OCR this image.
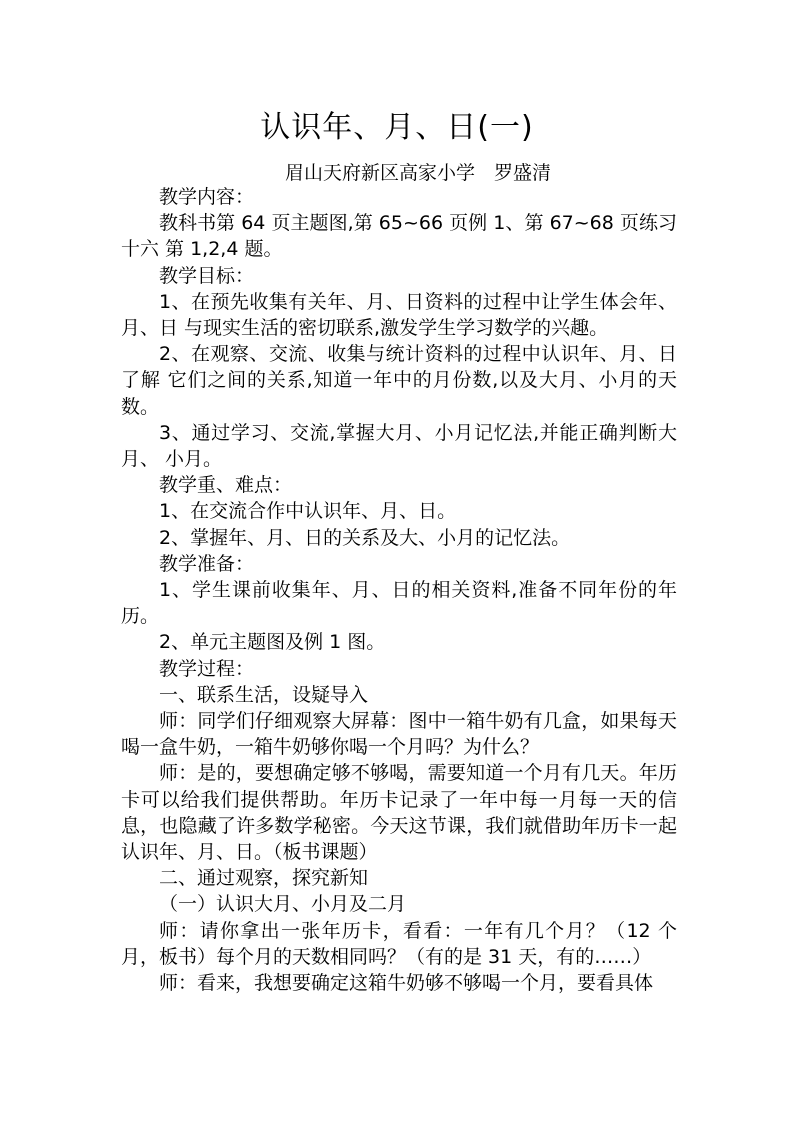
认识年、月、日(一)
眉山天府新区高家小学　罗盛清

教学内容：

教科书第 64 页主题图,第 65~66 页例 1、第 67~68 页练习十六 第 1,2,4 题。

教学目标：

1、在预先收集有关年、月、日资料的过程中让学生体会年、月、日 与现实生活的密切联系,激发学生学习数学的兴趣。

2、在观察、交流、收集与统计资料的过程中认识年、月、日了解 它们之间的关系,知道一年中的月份数,以及大月、小月的天数。

3、通过学习、交流,掌握大月、小月记忆法,并能正确判断大月、 小月。

教学重、难点：

1、在交流合作中认识年、月、日。

2、掌握年、月、日的关系及大、小月的记忆法。

教学准备：

1、学生课前收集年、月、日的相关资料,准备不同年份的年历。

2、单元主题图及例 1 图。

教学过程：

一、联系生活，设疑导入

师：同学们仔细观察大屏幕：图中一箱牛奶有几盒，如果每天喝一盒牛奶，一箱牛奶够你喝一个月吗？为什么？

师：是的，要想确定够不够喝，需要知道一个月有几天。年历卡可以给我们提供帮助。年历卡记录了一年中每一月每一天的信息，也隐藏了许多数学秘密。今天这节课，我们就借助年历卡一起认识年、月、日。（板书课题）

二、通过观察，探究新知

（一）认识大月、小月及二月

师：请你拿出一张年历卡，看看：一年有几个月？（12 个月，板书）每个月的天数相同吗？（有的是 31 天，有的……）

师：看来，我想要确定这箱牛奶够不够喝一个月，要看具体
